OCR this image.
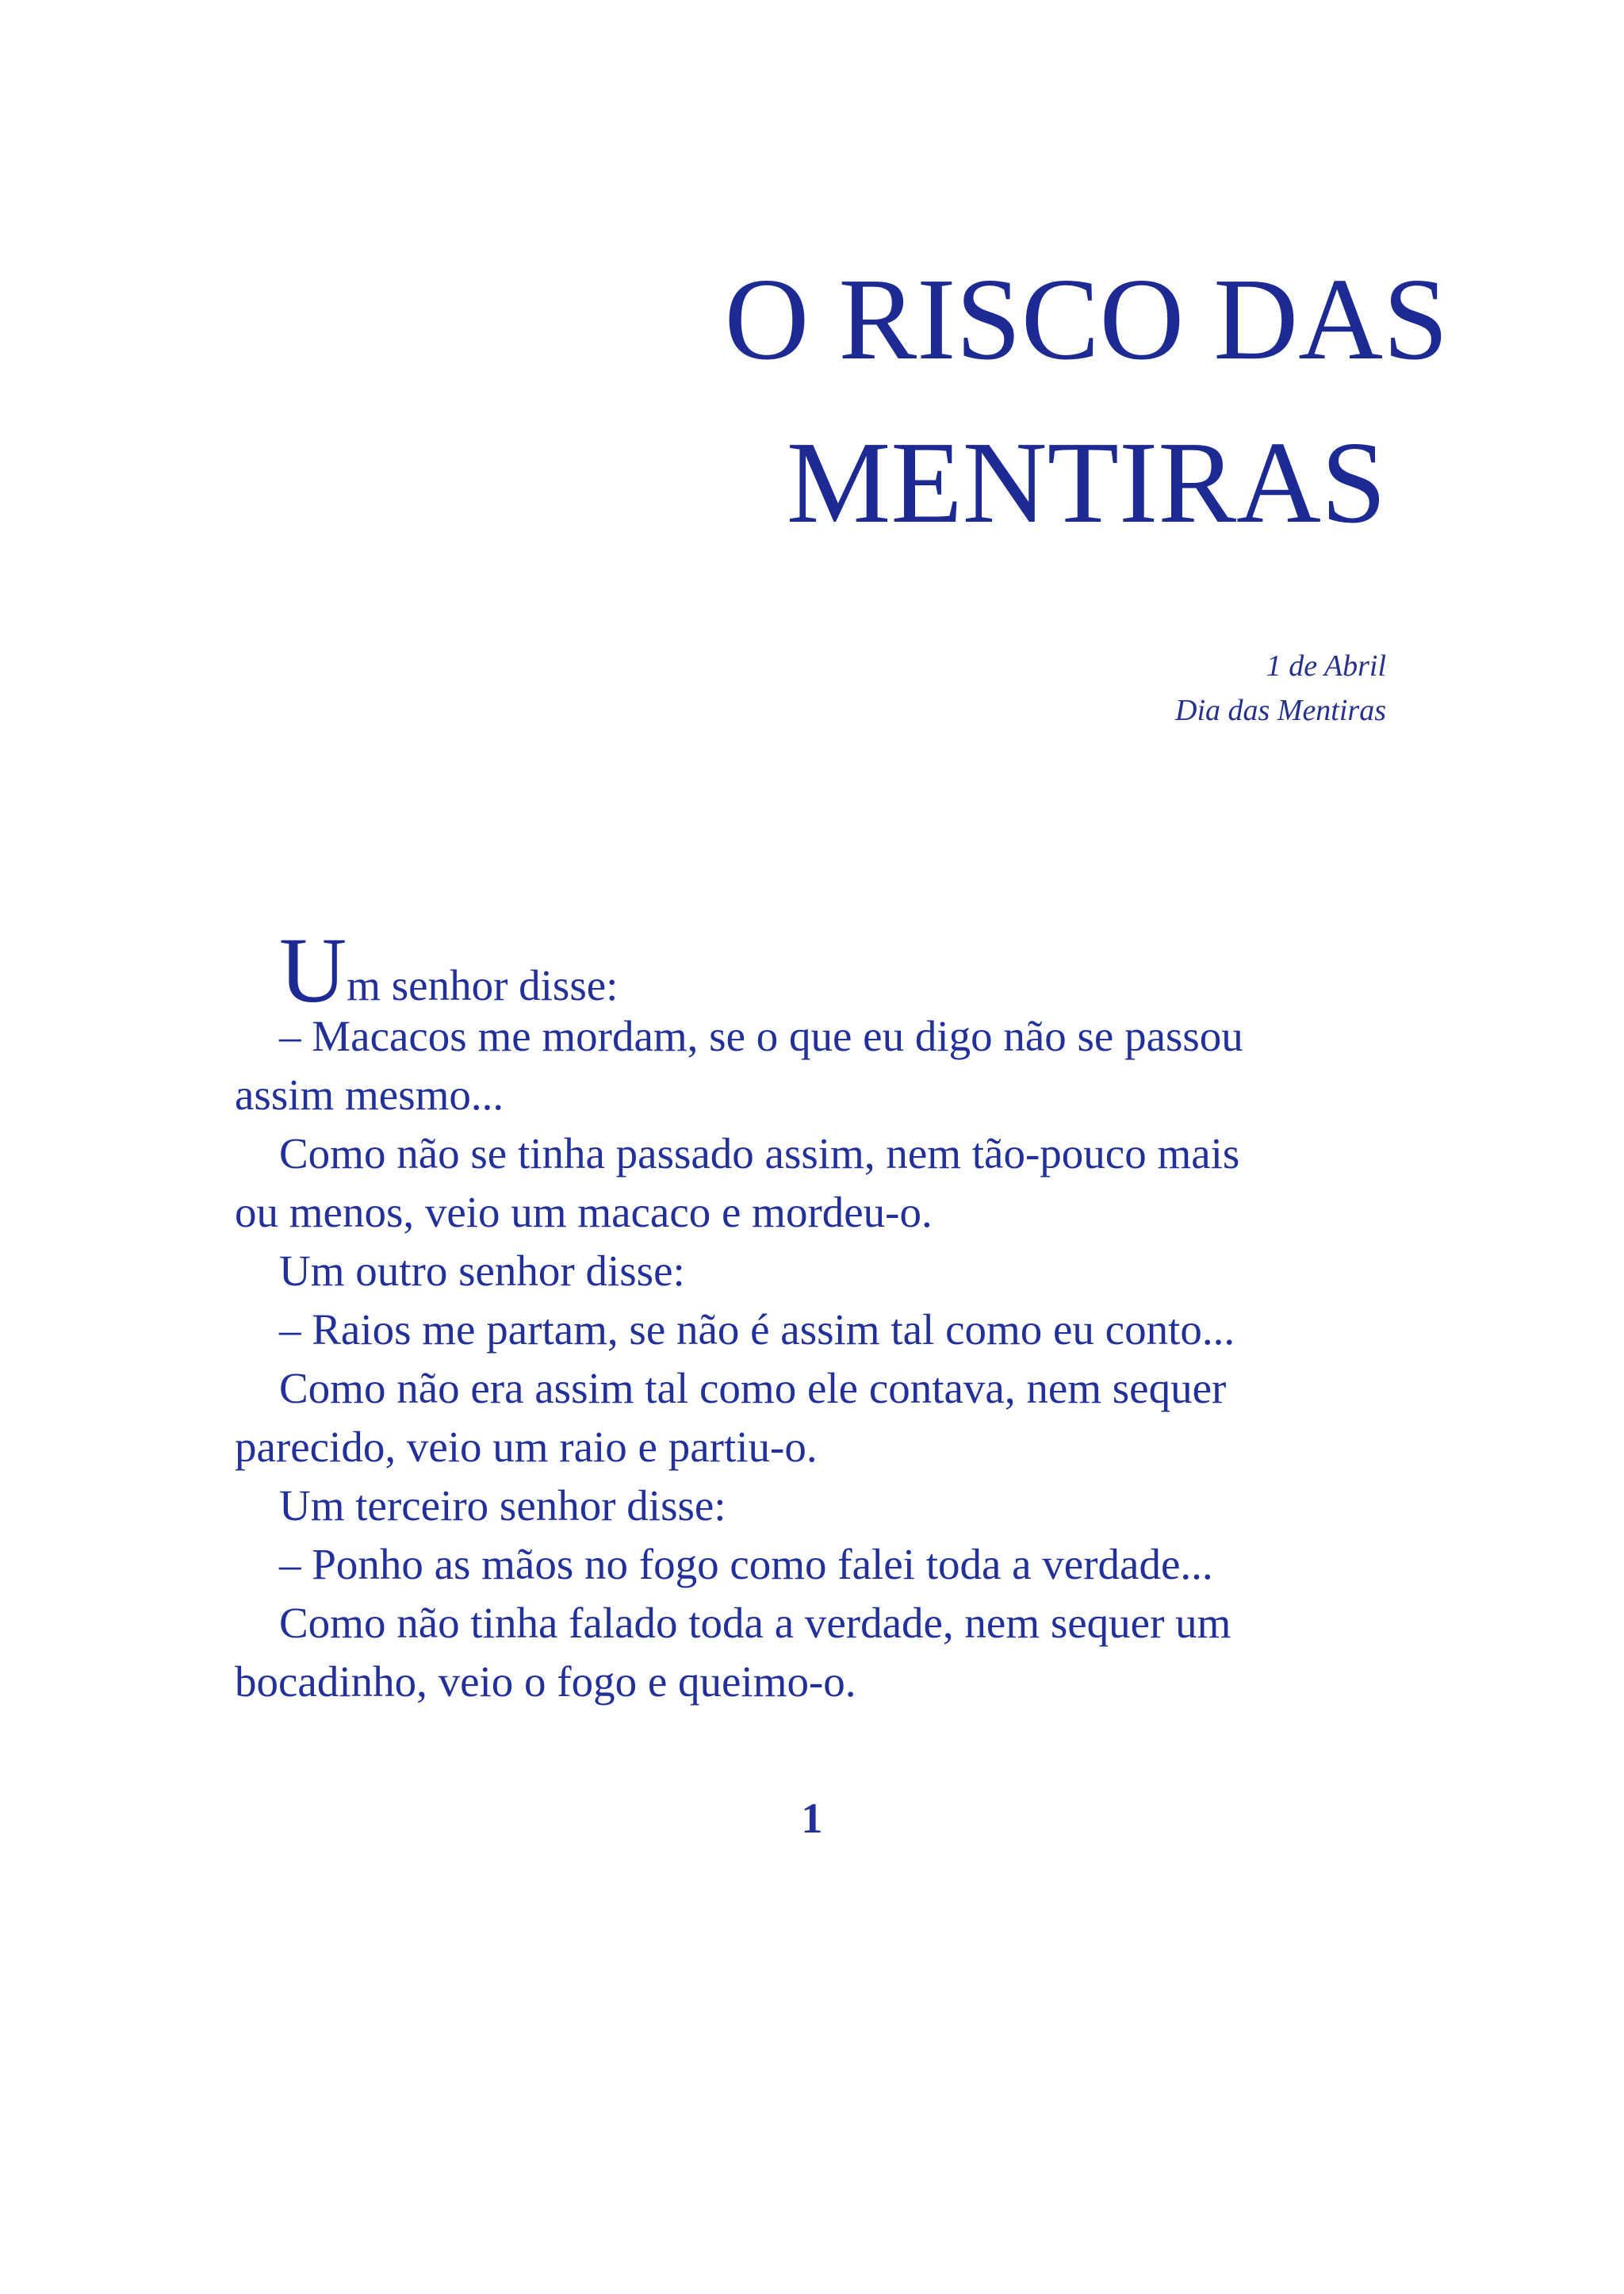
O RISCO DAS
MENTIRAS
1 de Abril
Dia das Mentiras
Um senhor disse:
– Macacos me mordam, se o que eu digo não se passou
assim mesmo...
Como não se tinha passado assim, nem tão-pouco mais
ou menos, veio um macaco e mordeu-o.
Um outro senhor disse:
– Raios me partam, se não é assim tal como eu conto...
Como não era assim tal como ele contava, nem sequer
parecido, veio um raio e partiu-o.
Um terceiro senhor disse:
– Ponho as mãos no fogo como falei toda a verdade...
Como não tinha falado toda a verdade, nem sequer um
bocadinho, veio o fogo e queimo-o.
1
